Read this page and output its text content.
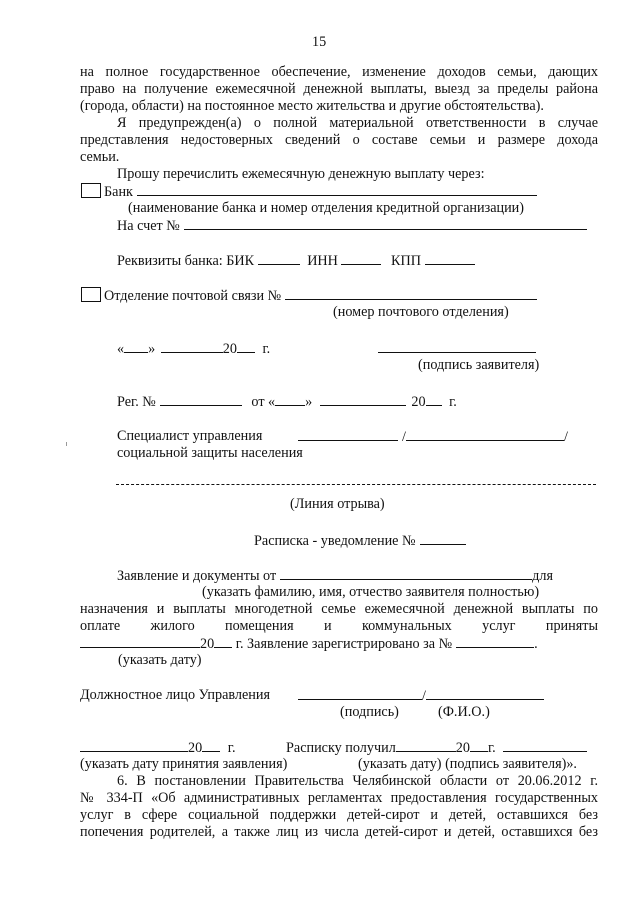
15
на полное государственное обеспечение, изменение доходов семьи, дающих
право на получение ежемесячной денежной выплаты, выезд за пределы района
(города, области) на постоянное место жительства и другие обстоятельства).
Я предупрежден(а) о полной материальной ответственности в случае
представления недостоверных сведений о составе семьи и размере дохода
семьи.
Прошу перечислить ежемесячную денежную выплату через:
Банк
(наименование банка и номер отделения кредитной организации)
На счет №
Реквизиты банка: БИК	ИНН	КПП
Отделение почтовой связи №
(номер почтового отделения)
« »	20 г.
(подпись заявителя)
Рег. №	от « »	20 г.
Специалист управления
социальной защиты населения
/	/
(Линия отрыва)
Расписка - уведомление №
Заявление и документы от	для
(указать фамилию, имя, отчество заявителя полностью)
назначения и выплаты многодетной семье ежемесячной денежной выплаты по
оплате жилого помещения и коммунальных услуг приняты
20 г. Заявление зарегистрировано за №	.
(указать дату)
Должностное лицо Управления	/
(подпись)	(Ф.И.О.)
20 г.	Расписку получил	20 г.
(указать дату принятия заявления)	(указать дату) (подпись заявителя)».
6. В постановлении Правительства Челябинской области от 20.06.2012 г.
№ 334-П «Об административных регламентах предоставления государственных
услуг в сфере социальной поддержки детей-сирот и детей, оставшихся без
попечения родителей, а также лиц из числа детей-сирот и детей, оставшихся без
